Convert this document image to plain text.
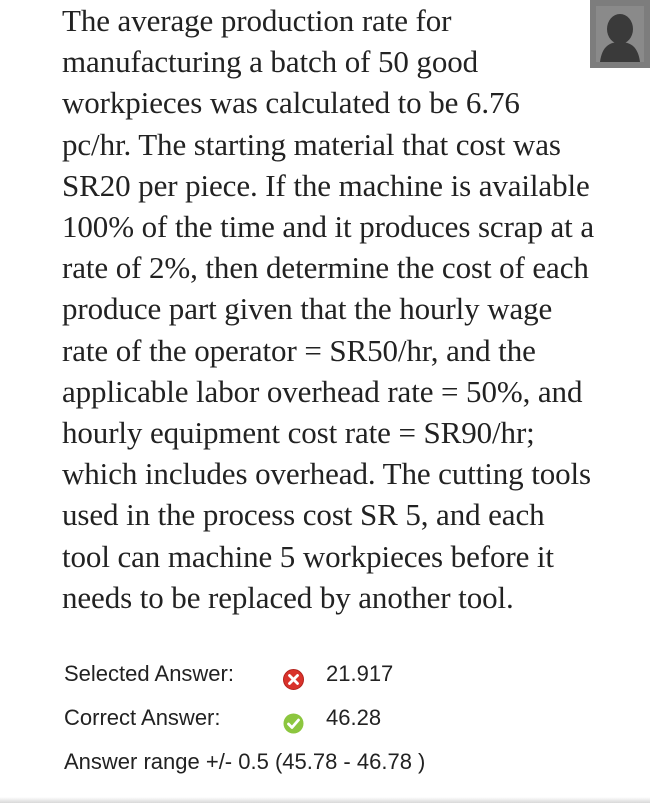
The average production rate for
manufacturing a batch of 50 good
workpieces was calculated to be 6.76
pc/hr. The starting material that cost was
SR20 per piece. If the machine is available
100% of the time and it produces scrap at a
rate of 2%, then determine the cost of each
produce part given that the hourly wage
rate of the operator = SR50/hr, and the
applicable labor overhead rate = 50%, and
hourly equipment cost rate = SR90/hr;
which includes overhead. The cutting tools
used in the process cost SR 5, and each
tool can machine 5 workpieces before it
needs to be replaced by another tool.
Selected Answer:	21.917
Correct Answer:	46.28
Answer range +/- 0.5 (45.78 - 46.78 )
